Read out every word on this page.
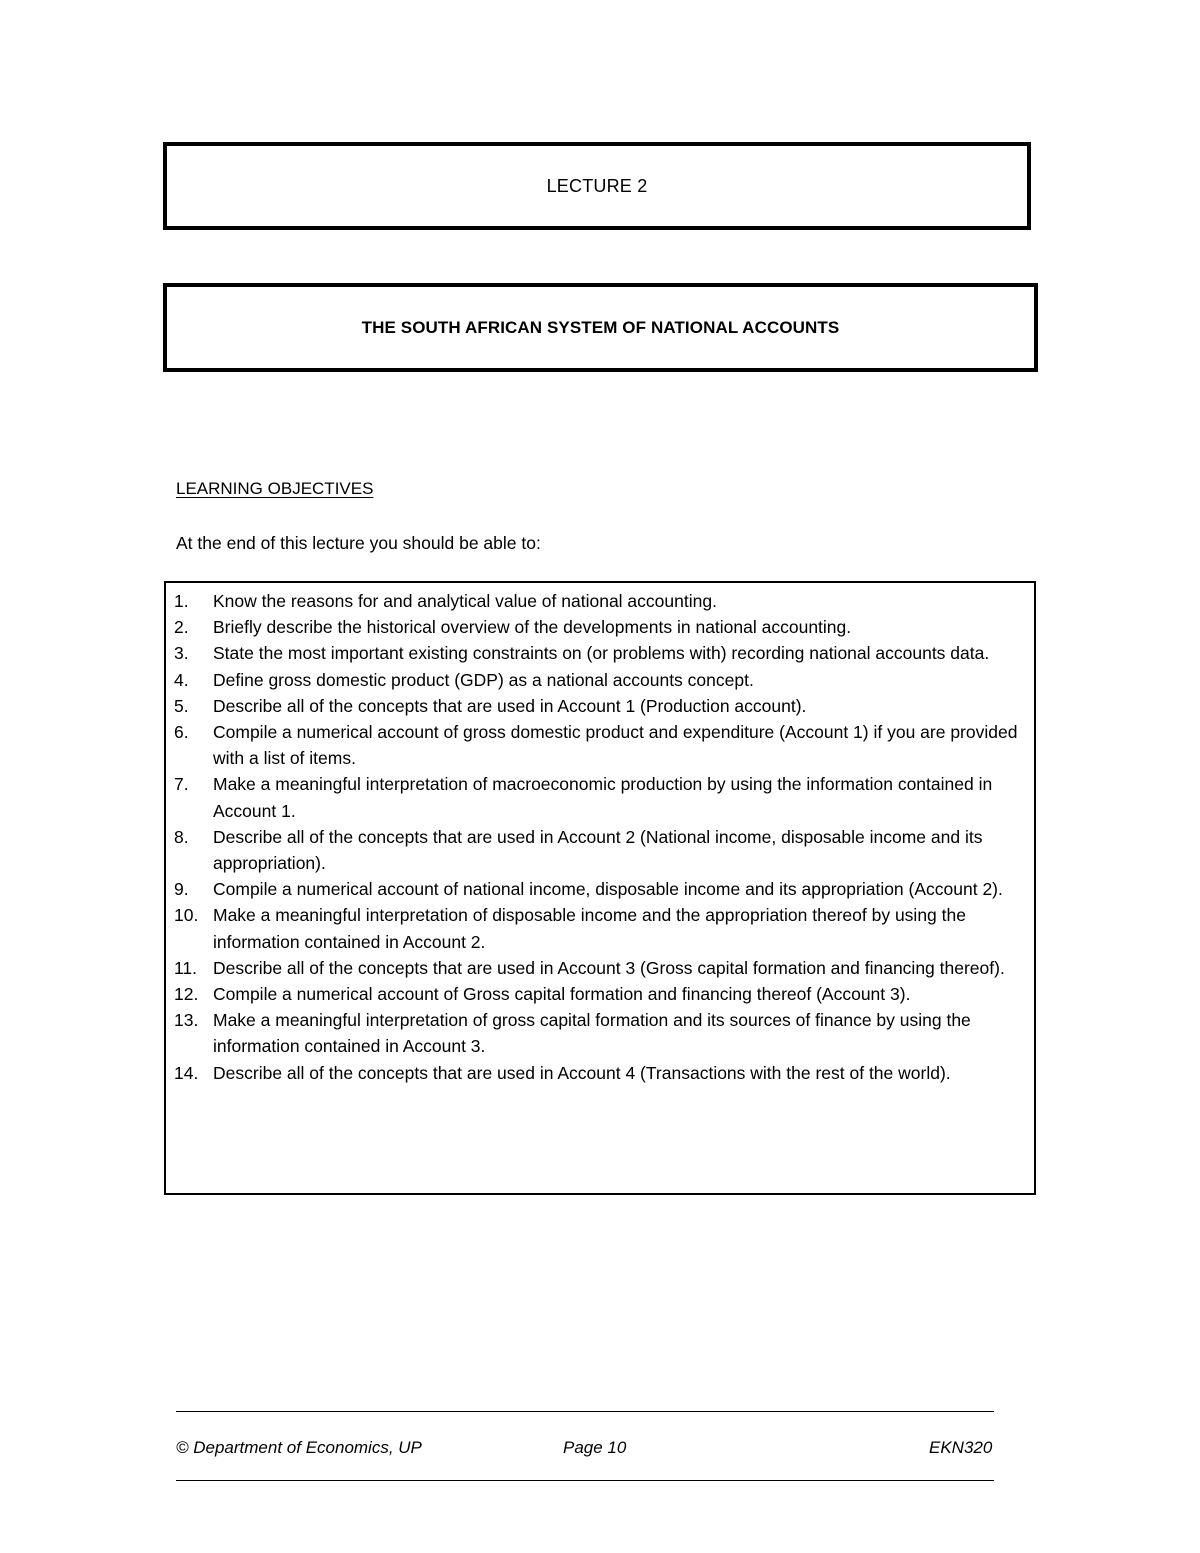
LECTURE 2
THE SOUTH AFRICAN SYSTEM OF NATIONAL ACCOUNTS
LEARNING OBJECTIVES
At the end of this lecture you should be able to:
1.	Know the reasons for and analytical value of national accounting.
2.	Briefly describe the historical overview of the developments in national accounting.
3.	State the most important existing constraints on (or problems with) recording national accounts data.
4.	Define gross domestic product (GDP) as a national accounts concept.
5.	Describe all of the concepts that are used in Account 1 (Production account).
6.	Compile a numerical account of gross domestic product and expenditure (Account 1) if you are provided with a list of items.
7.	Make a meaningful interpretation of macroeconomic production by using the information contained in Account 1.
8.	Describe all of the concepts that are used in Account 2 (National income, disposable income and its appropriation).
9.	Compile a numerical account of national income, disposable income and its appropriation (Account 2).
10. Make a meaningful interpretation of disposable income and the appropriation thereof by using the information contained in Account 2.
11. Describe all of the concepts that are used in Account 3 (Gross capital formation and financing thereof).
12. Compile a numerical account of Gross capital formation and financing thereof (Account 3).
13. Make a meaningful interpretation of gross capital formation and its sources of finance by using the information contained in Account 3.
14. Describe all of the concepts that are used in Account 4 (Transactions with the rest of the world).
© Department of Economics, UP	Page 10	EKN320
